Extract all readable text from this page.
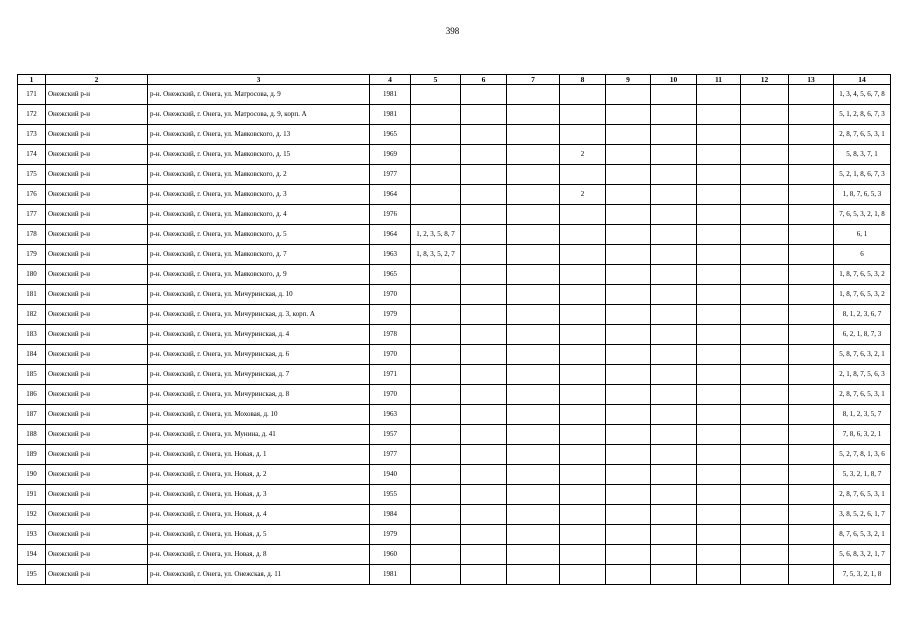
398
1	2	3	4	5	6	7	8	9	10	11	12	13	14
171	Онежский р-н	р-н. Онежский, г. Онега, ул. Матросова, д. 9	1981										1, 3, 4, 5, 6, 7, 8
172	Онежский р-н	р-н. Онежский, г. Онега, ул. Матросова, д. 9, корп. А	1981										5, 1, 2, 8, 6, 7, 3
173	Онежский р-н	р-н. Онежский, г. Онега, ул. Маяковского, д. 13	1965										2, 8, 7, 6, 5, 3, 1
174	Онежский р-н	р-н. Онежский, г. Онега, ул. Маяковского, д. 15	1969				2						5, 8, 3, 7, 1
175	Онежский р-н	р-н. Онежский, г. Онега, ул. Маяковского, д. 2	1977										5, 2, 1, 8, 6, 7, 3
176	Онежский р-н	р-н. Онежский, г. Онега, ул. Маяковского, д. 3	1964				2						1, 8, 7, 6, 5, 3
177	Онежский р-н	р-н. Онежский, г. Онега, ул. Маяковского, д. 4	1976										7, 6, 5, 3, 2, 1, 8
178	Онежский р-н	р-н. Онежский, г. Онега, ул. Маяковского, д. 5	1964	1, 2, 3, 5, 8, 7									6, 1
179	Онежский р-н	р-н. Онежский, г. Онега, ул. Маяковского, д. 7	1963	1, 8, 3, 5, 2, 7									6
180	Онежский р-н	р-н. Онежский, г. Онега, ул. Маяковского, д. 9	1965										1, 8, 7, 6, 5, 3, 2
181	Онежский р-н	р-н. Онежский, г. Онега, ул. Мичуринская, д. 10	1970										1, 8, 7, 6, 5, 3, 2
182	Онежский р-н	р-н. Онежский, г. Онега, ул. Мичуринская, д. 3, корп. А	1979										8, 1, 2, 3, 6, 7
183	Онежский р-н	р-н. Онежский, г. Онега, ул. Мичуринская, д. 4	1978										6, 2, 1, 8, 7, 3
184	Онежский р-н	р-н. Онежский, г. Онега, ул. Мичуринская, д. 6	1970										5, 8, 7, 6, 3, 2, 1
185	Онежский р-н	р-н. Онежский, г. Онега, ул. Мичуринская, д. 7	1971										2, 1, 8, 7, 5, 6, 3
186	Онежский р-н	р-н. Онежский, г. Онега, ул. Мичуринская, д. 8	1970										2, 8, 7, 6, 5, 3, 1
187	Онежский р-н	р-н. Онежский, г. Онега, ул. Моховая, д. 10	1963										8, 1, 2, 3, 5, 7
188	Онежский р-н	р-н. Онежский, г. Онега, ул. Мунина, д. 41	1957										7, 8, 6, 3, 2, 1
189	Онежский р-н	р-н. Онежский, г. Онега, ул. Новая, д. 1	1977										5, 2, 7, 8, 1, 3, 6
190	Онежский р-н	р-н. Онежский, г. Онега, ул. Новая, д. 2	1940										5, 3, 2, 1, 8, 7
191	Онежский р-н	р-н. Онежский, г. Онега, ул. Новая, д. 3	1955										2, 8, 7, 6, 5, 3, 1
192	Онежский р-н	р-н. Онежский, г. Онега, ул. Новая, д. 4	1984										3, 8, 5, 2, 6, 1, 7
193	Онежский р-н	р-н. Онежский, г. Онега, ул. Новая, д. 5	1979										8, 7, 6, 5, 3, 2, 1
194	Онежский р-н	р-н. Онежский, г. Онега, ул. Новая, д. 8	1960										5, 6, 8, 3, 2, 1, 7
195	Онежский р-н	р-н. Онежский, г. Онега, ул. Онежская, д. 11	1981										7, 5, 3, 2, 1, 8
